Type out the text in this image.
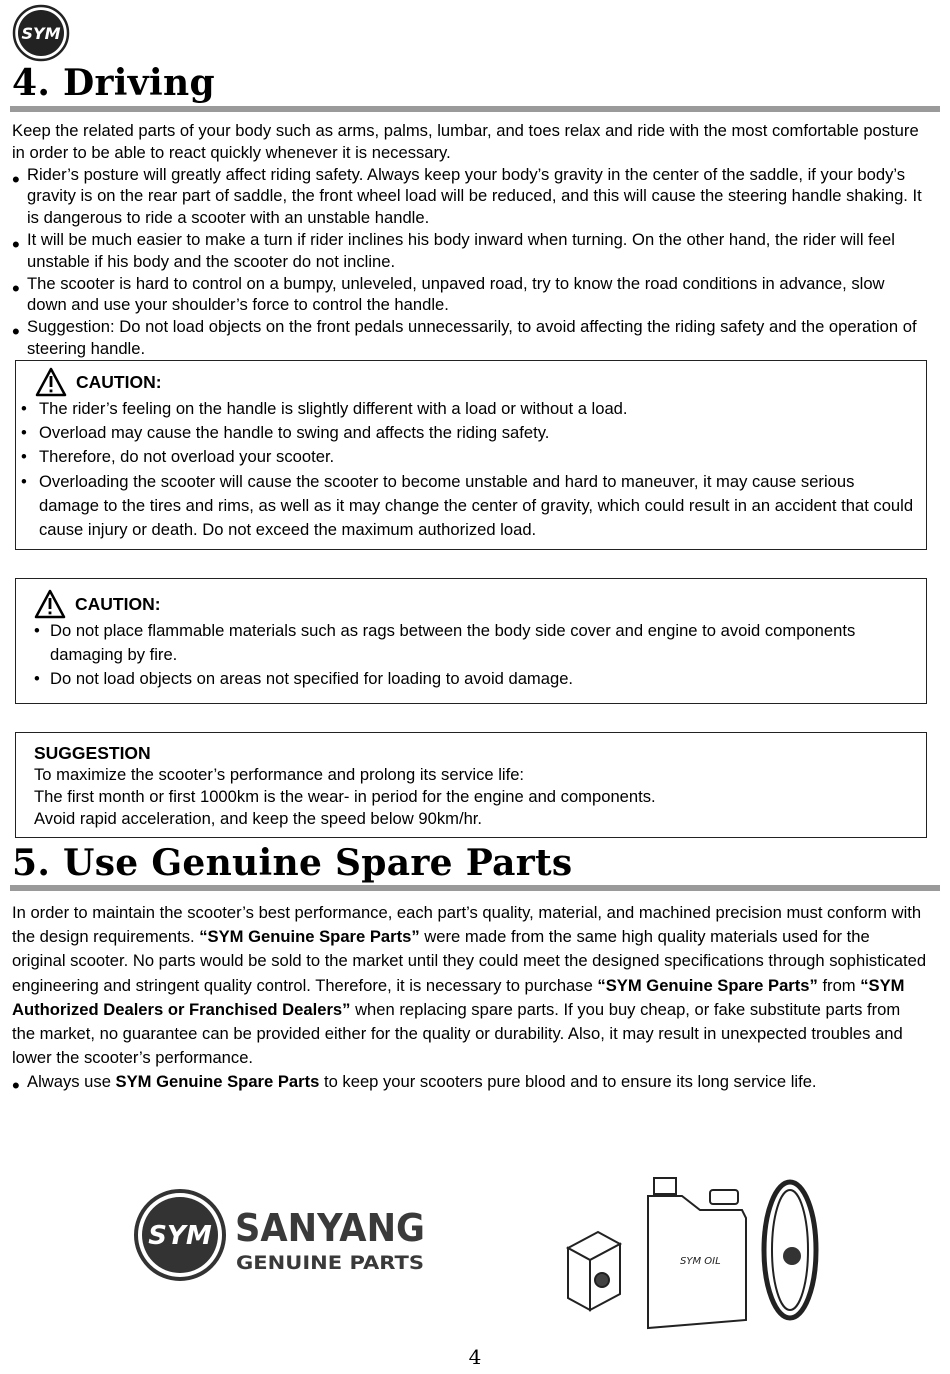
SYM
4. Driving
Keep the related parts of your body such as arms, palms, lumbar, and toes relax and ride with the most comfortable posture in order to be able to react quickly whenever it is necessary.
• Rider’s posture will greatly affect riding safety. Always keep your body’s gravity in the center of the saddle, if your body’s gravity is on the rear part of saddle, the front wheel load will be reduced, and this will cause the steering handle shaking. It is dangerous to ride a scooter with an unstable handle.
• It will be much easier to make a turn if rider inclines his body inward when turning. On the other hand, the rider will feel unstable if his body and the scooter do not incline.
• The scooter is hard to control on a bumpy, unleveled, unpaved road, try to know the road conditions in advance, slow down and use your shoulder’s force to control the handle.
• Suggestion: Do not load objects on the front pedals unnecessarily, to avoid affecting the riding safety and the operation of steering handle.
CAUTION:
• The rider’s feeling on the handle is slightly different with a load or without a load.
• Overload may cause the handle to swing and affects the riding safety.
• Therefore, do not overload your scooter.
• Overloading the scooter will cause the scooter to become unstable and hard to maneuver, it may cause serious damage to the tires and rims, as well as it may change the center of gravity, which could result in an accident that could cause injury or death. Do not exceed the maximum authorized load.
CAUTION:
• Do not place flammable materials such as rags between the body side cover and engine to avoid components damaging by fire.
• Do not load objects on areas not specified for loading to avoid damage.
SUGGESTION
To maximize the scooter’s performance and prolong its service life:
The first month or first 1000km is the wear- in period for the engine and components.
Avoid rapid acceleration, and keep the speed below 90km/hr.
5. Use Genuine Spare Parts
In order to maintain the scooter’s best performance, each part’s quality, material, and machined precision must conform with the design requirements. “SYM Genuine Spare Parts” were made from the same high quality materials used for the original scooter. No parts would be sold to the market until they could meet the designed specifications through sophisticated engineering and stringent quality control. Therefore, it is necessary to purchase “SYM Genuine Spare Parts” from “SYM Authorized Dealers or Franchised Dealers” when replacing spare parts. If you buy cheap, or fake substitute parts from the market, no guarantee can be provided either for the quality or durability. Also, it may result in unexpected troubles and lower the scooter’s performance.
• Always use SYM Genuine Spare Parts to keep your scooters pure blood and to ensure its long service life.
SYM SANYANG
GENUINE PARTS	SYM OIL
4
